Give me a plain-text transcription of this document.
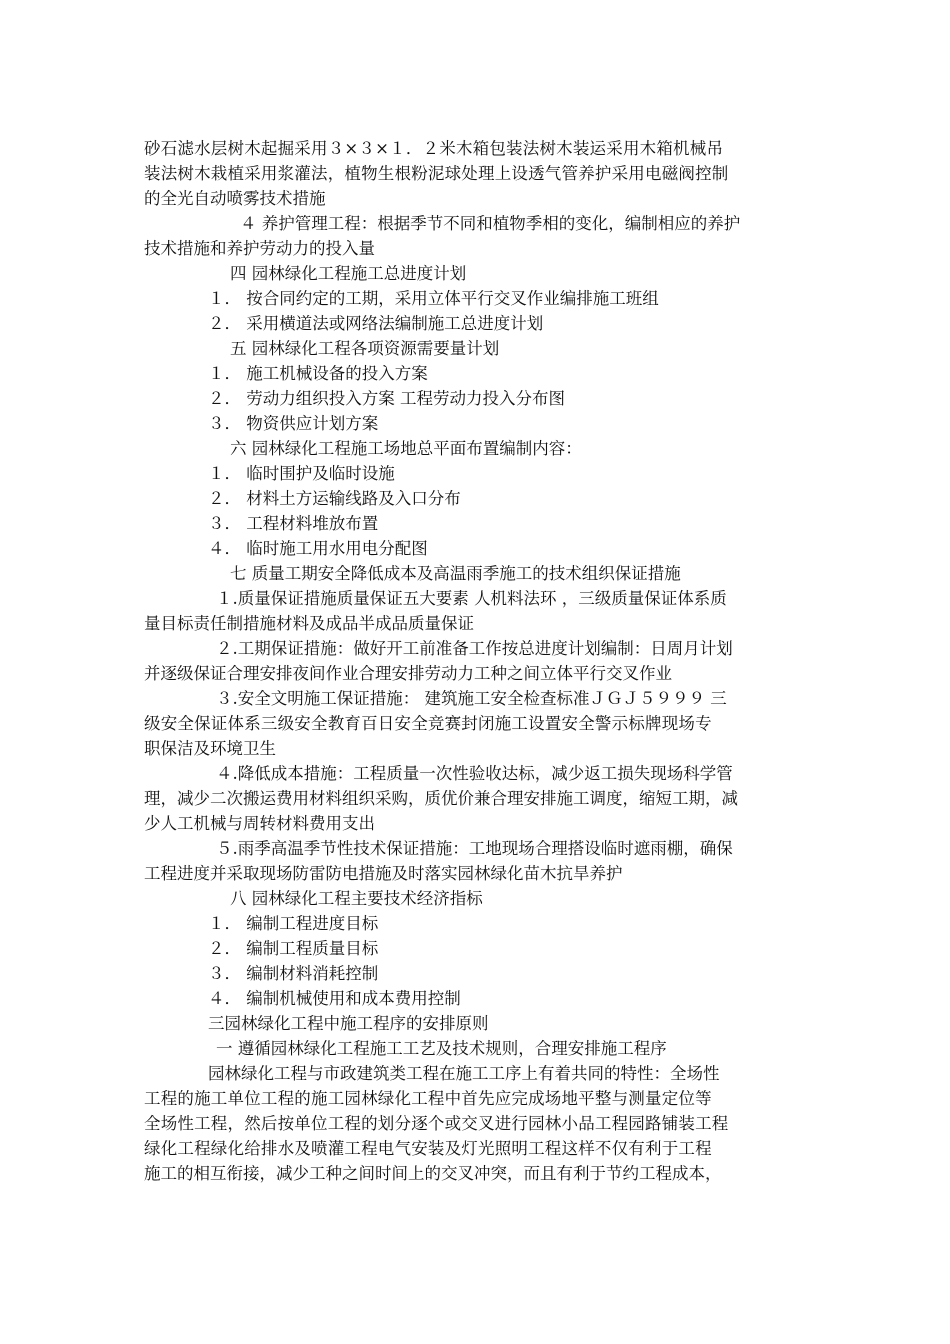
砂石滤水层树木起掘采用３×３×１．２米木箱包装法树木装运采用木箱机械吊
装法树木栽植采用浆灌法，植物生根粉泥球处理上设透气管养护采用电磁阀控制
的全光自动喷雾技术措施
４ 养护管理工程：根据季节不同和植物季相的变化，编制相应的养护
技术措施和养护劳动力的投入量
四 园林绿化工程施工总进度计划
１． 按合同约定的工期，采用立体平行交叉作业编排施工班组
２． 采用横道法或网络法编制施工总进度计划
五 园林绿化工程各项资源需要量计划
１． 施工机械设备的投入方案
２． 劳动力组织投入方案 工程劳动力投入分布图
３． 物资供应计划方案
六 园林绿化工程施工场地总平面布置编制内容：
１． 临时围护及临时设施
２． 材料土方运输线路及入口分布
３． 工程材料堆放布置
４． 临时施工用水用电分配图
七 质量工期安全降低成本及高温雨季施工的技术组织保证措施
１.质量保证措施质量保证五大要素 人机料法环 ，三级质量保证体系质
量目标责任制措施材料及成品半成品质量保证
２.工期保证措施：做好开工前准备工作按总进度计划编制：日周月计划
并逐级保证合理安排夜间作业合理安排劳动力工种之间立体平行交叉作业
３.安全文明施工保证措施： 建筑施工安全检查标准ＪＧＪ５９９９ 三
级安全保证体系三级安全教育百日安全竞赛封闭施工设置安全警示标牌现场专
职保洁及环境卫生
４.降低成本措施：工程质量一次性验收达标，减少返工损失现场科学管
理，减少二次搬运费用材料组织采购，质优价兼合理安排施工调度，缩短工期，减
少人工机械与周转材料费用支出
５.雨季高温季节性技术保证措施：工地现场合理搭设临时遮雨棚，确保
工程进度并采取现场防雷防电措施及时落实园林绿化苗木抗旱养护
八 园林绿化工程主要技术经济指标
１． 编制工程进度目标
２． 编制工程质量目标
３． 编制材料消耗控制
４． 编制机械使用和成本费用控制
三园林绿化工程中施工程序的安排原则
一 遵循园林绿化工程施工工艺及技术规则，合理安排施工程序
园林绿化工程与市政建筑类工程在施工工序上有着共同的特性：全场性
工程的施工单位工程的施工园林绿化工程中首先应完成场地平整与测量定位等
全场性工程，然后按单位工程的划分逐个或交叉进行园林小品工程园路铺装工程
绿化工程绿化给排水及喷灌工程电气安装及灯光照明工程这样不仅有利于工程
施工的相互衔接，减少工种之间时间上的交叉冲突，而且有利于节约工程成本，
